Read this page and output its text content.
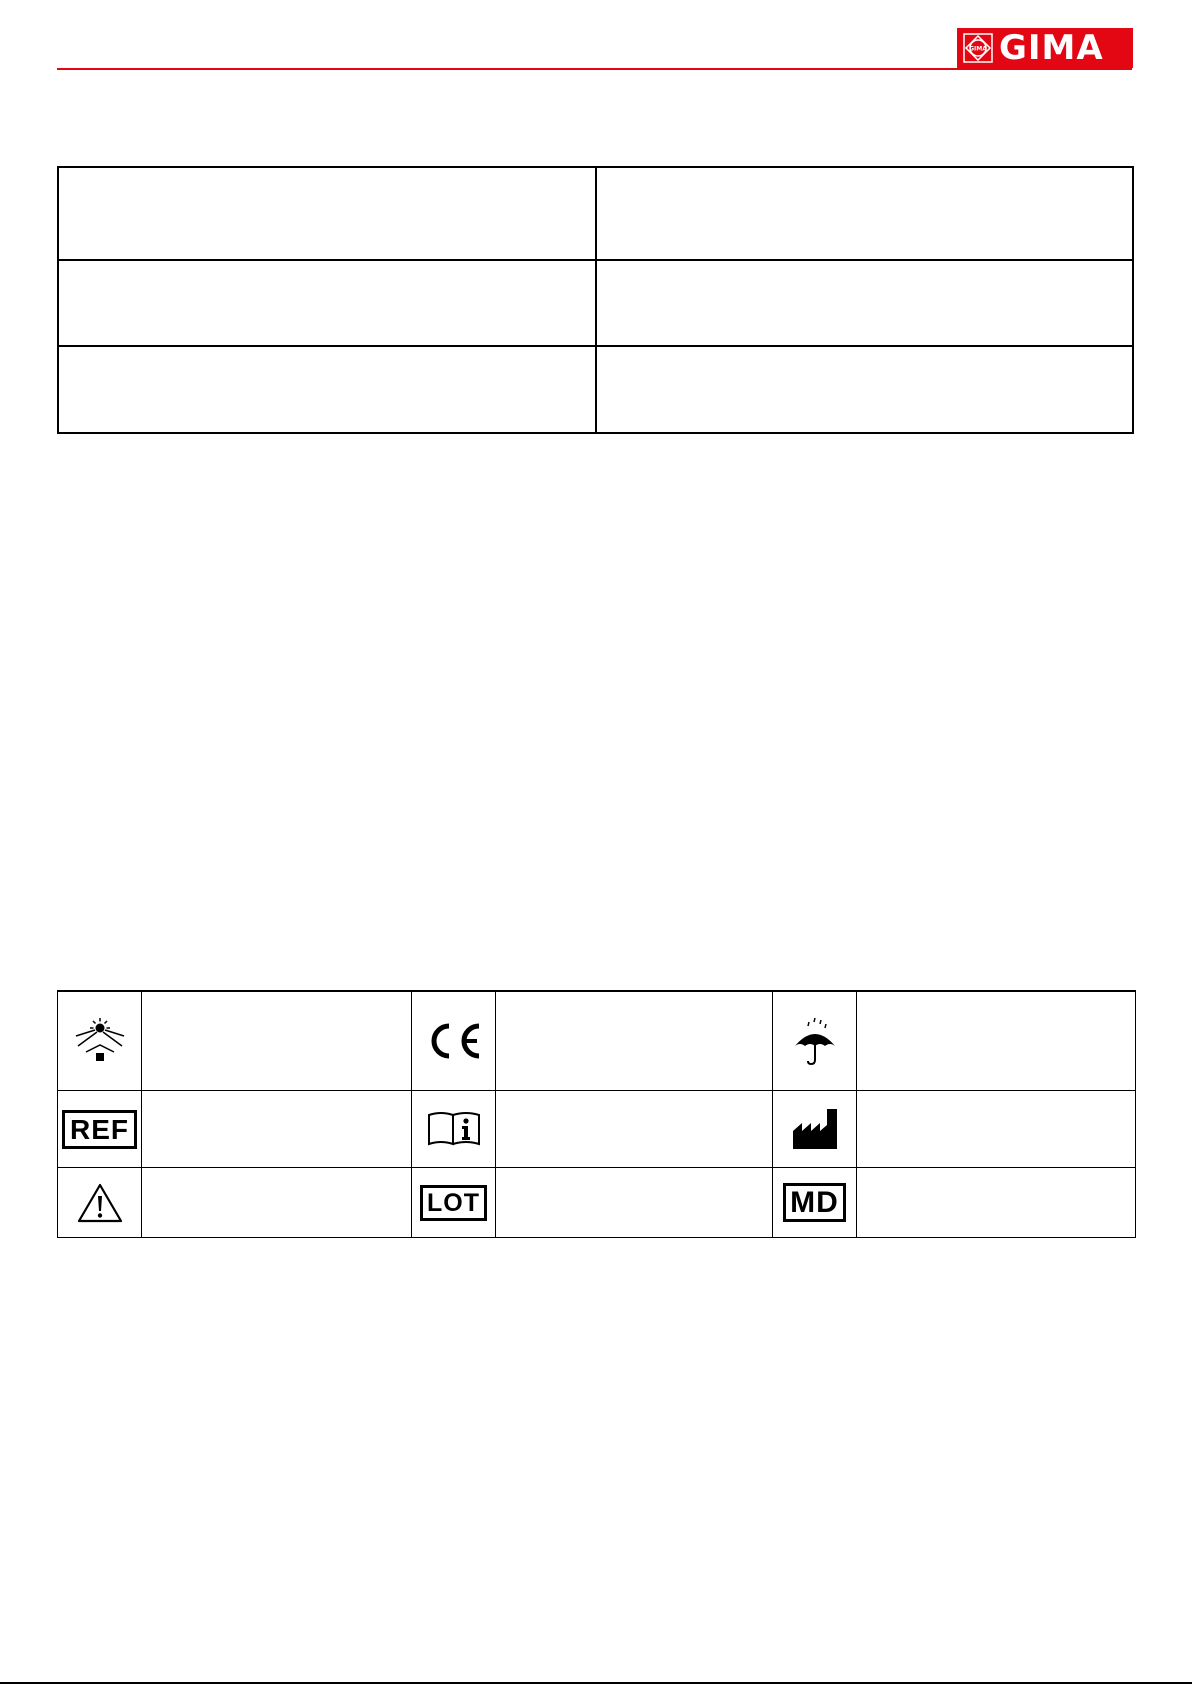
GIMA GIMA

REF					
		LOT		MD	
